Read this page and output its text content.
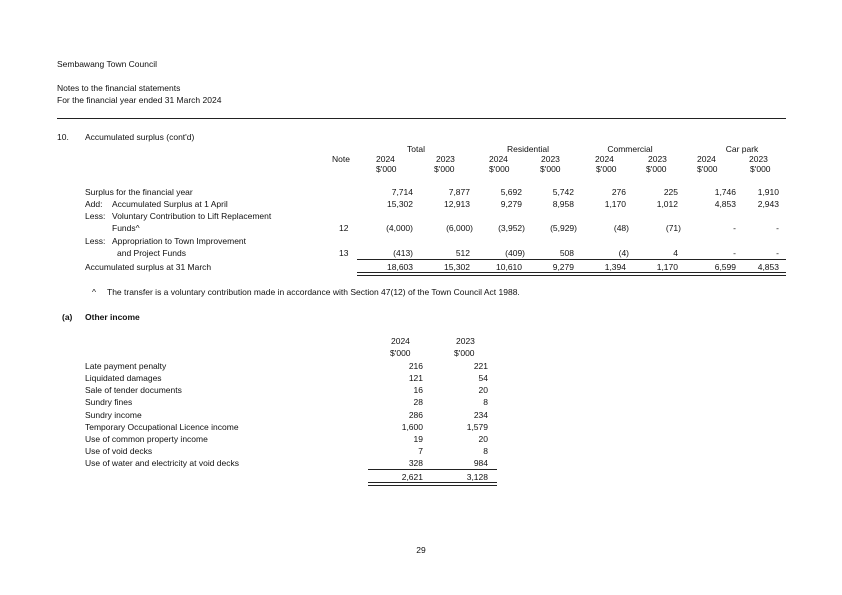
Sembawang Town Council
Notes to the financial statements
For the financial year ended 31 March 2024
10. Accumulated surplus (cont'd)
Total	Residential	Commercial	Car park
Note	2024	2023	2024	2023	2024	2023	2024	2023
$'000	$'000	$'000	$'000	$'000	$'000	$'000	$'000
Surplus for the financial year	7,714	7,877	5,692	5,742	276	225	1,746	1,910
Add: Accumulated Surplus at 1 April	15,302	12,913	9,279	8,958	1,170	1,012	4,853	2,943
Less: Voluntary Contribution to Lift Replacement
Funds^	12	(4,000)	(6,000)	(3,952)	(5,929)	(48)	(71)	-	-
Less: Appropriation to Town Improvement
and Project Funds	13	(413)	512	(409)	508	(4)	4	-	-
Accumulated surplus at 31 March	18,603	15,302	10,610	9,279	1,394	1,170	6,599	4,853
^ The transfer is a voluntary contribution made in accordance with Section 47(12) of the Town Council Act 1988.
(a) Other income
2024	2023
$'000	$'000
Late payment penalty	216	221
Liquidated damages	121	54
Sale of tender documents	16	20
Sundry fines	28	8
Sundry income	286	234
Temporary Occupational Licence income	1,600	1,579
Use of common property income	19	20
Use of void decks	7	8
Use of water and electricity at void decks	328	984
2,621	3,128
29
